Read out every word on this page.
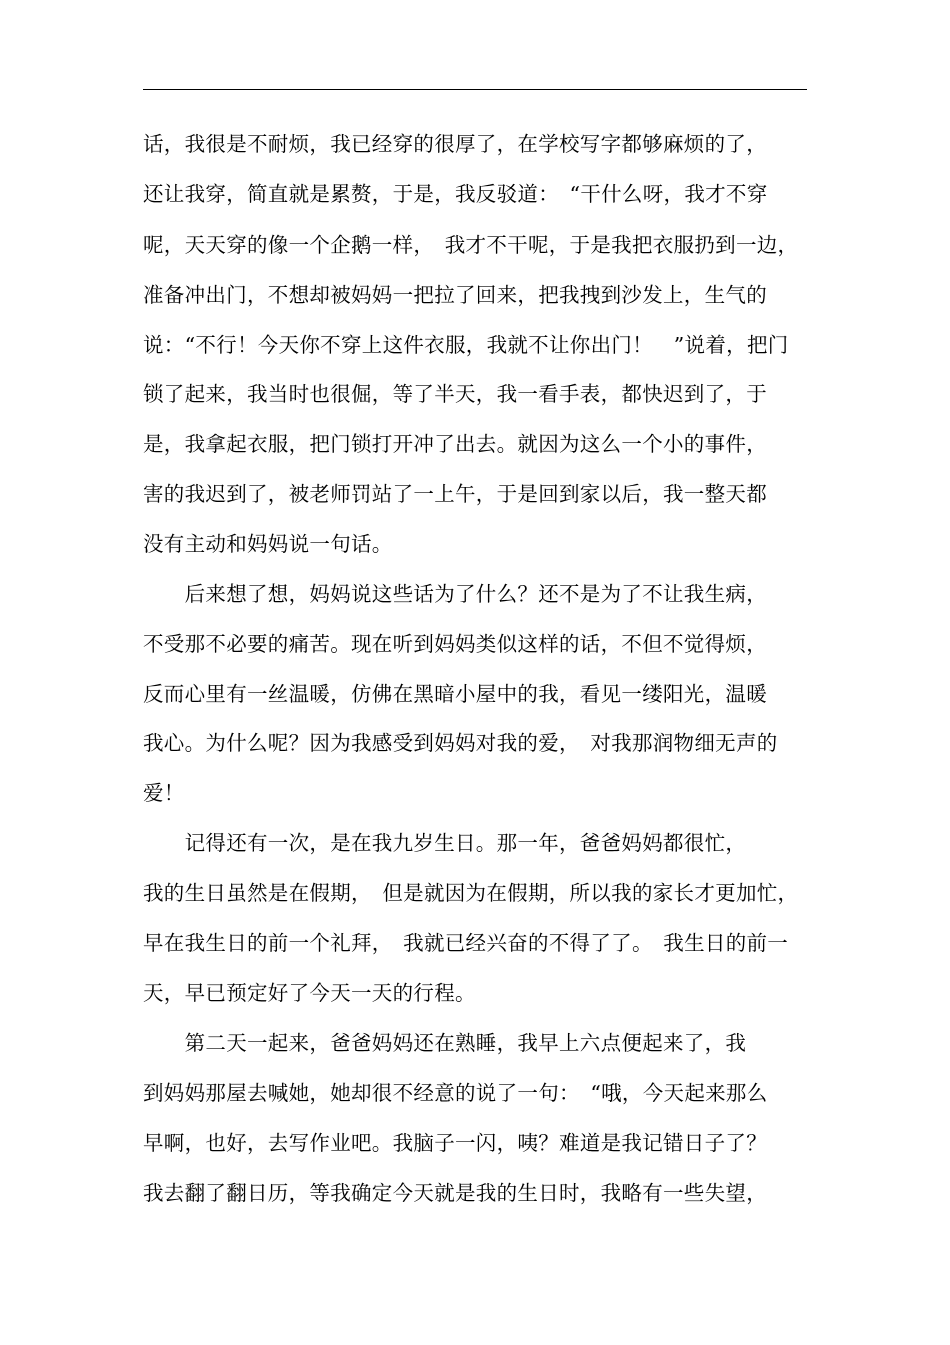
话，我很是不耐烦，我已经穿的很厚了，在学校写字都够麻烦的了，
还让我穿，简直就是累赘，于是，我反驳道：　“干什么呀，我才不穿
呢，天天穿的像一个企鹅一样，　我才不干呢，于是我把衣服扔到一边，
准备冲出门，不想却被妈妈一把拉了回来，把我拽到沙发上，生气的
说：“不行！今天你不穿上这件衣服，我就不让你出门！　”说着，把门
锁了起来，我当时也很倔，等了半天，我一看手表，都快迟到了，于
是，我拿起衣服，把门锁打开冲了出去。就因为这么一个小的事件，
害的我迟到了，被老师罚站了一上午，于是回到家以后，我一整天都
没有主动和妈妈说一句话。
　　后来想了想，妈妈说这些话为了什么？还不是为了不让我生病，
不受那不必要的痛苦。现在听到妈妈类似这样的话，不但不觉得烦，
反而心里有一丝温暖，仿佛在黑暗小屋中的我，看见一缕阳光，温暖
我心。为什么呢？因为我感受到妈妈对我的爱，　对我那润物细无声的
爱！
　　记得还有一次，是在我九岁生日。那一年，爸爸妈妈都很忙，
我的生日虽然是在假期，　但是就因为在假期，所以我的家长才更加忙，
早在我生日的前一个礼拜，　我就已经兴奋的不得了了。　我生日的前一
天，早已预定好了今天一天的行程。
　　第二天一起来，爸爸妈妈还在熟睡，我早上六点便起来了，我
到妈妈那屋去喊她，她却很不经意的说了一句：　“哦，今天起来那么
早啊，也好，去写作业吧。我脑子一闪，咦？难道是我记错日子了？
我去翻了翻日历，等我确定今天就是我的生日时，我略有一些失望，
